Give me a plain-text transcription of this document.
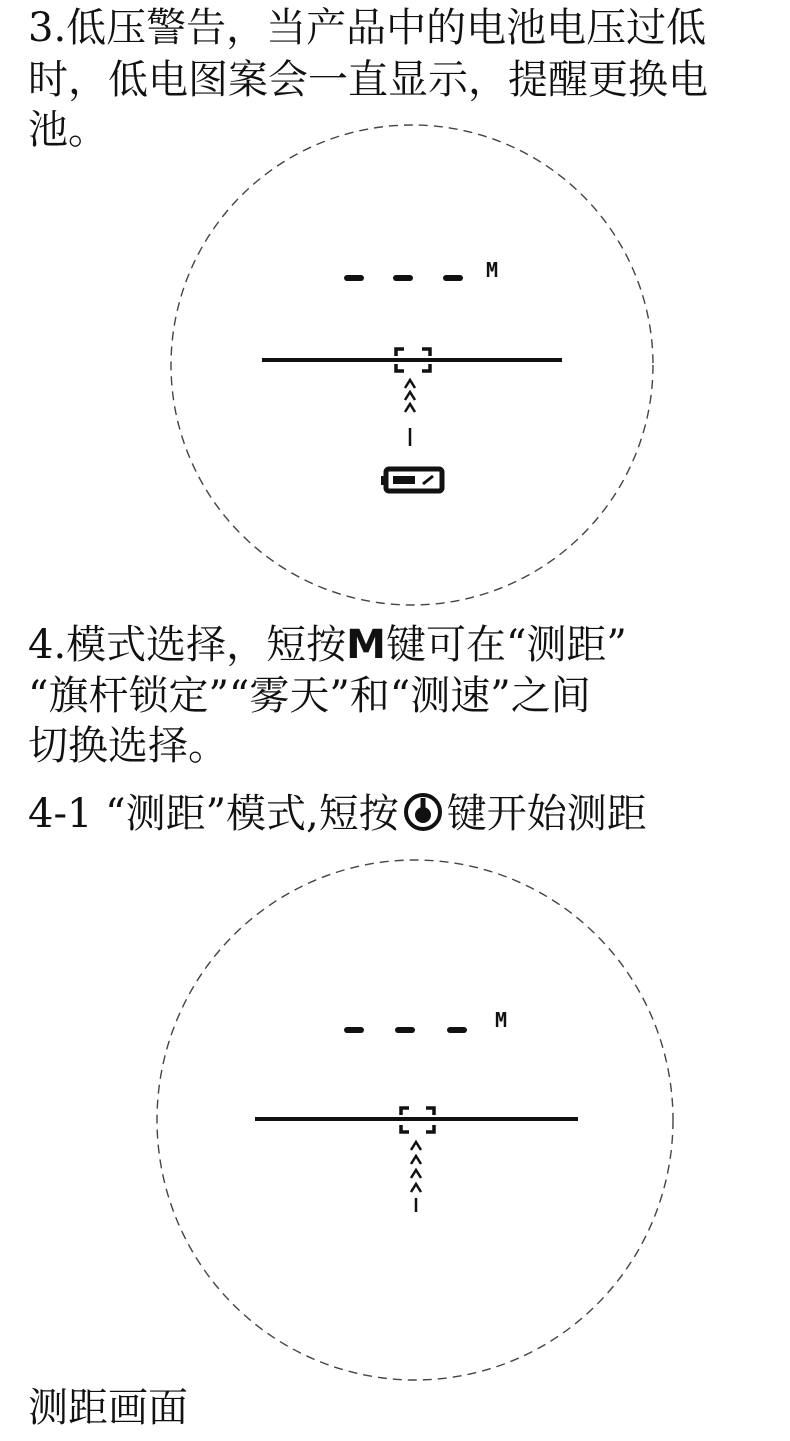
3.低压警告，当产品中的电池电压过低

时，低电图案会一直显示，提醒更换电

池。

M

4.模式选择，短按M键可在“测距”

“旗杆锁定”“雾天”和“测速”之间

切换选择。

4-1 “测距”模式,短按 键开始测距

M

测距画面
